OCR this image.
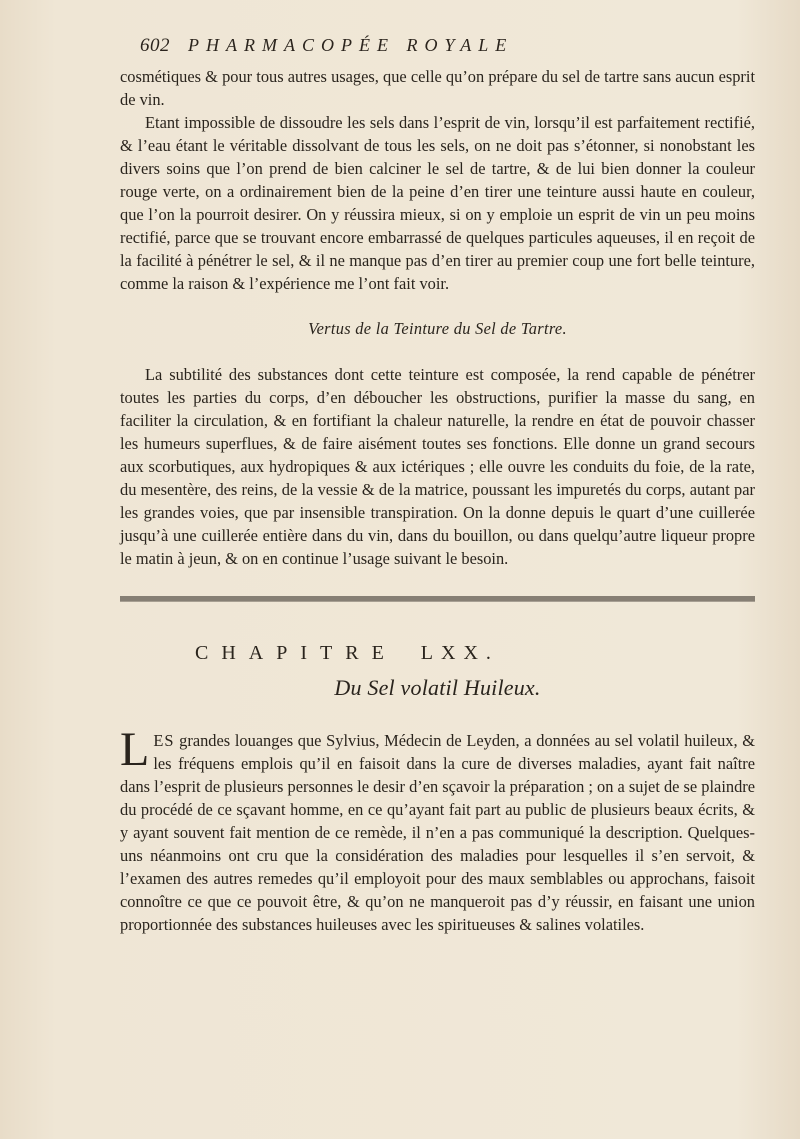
602 PHARMACOPÉE ROYALE

cosmétiques & pour tous autres usages, que celle qu’on prépare du sel de tartre sans aucun esprit de vin.

Etant impossible de dissoudre les sels dans l’esprit de vin, lorsqu’il est parfaitement rectifié, & l’eau étant le véritable dissolvant de tous les sels, on ne doit pas s’étonner, si nonobstant les divers soins que l’on prend de bien calciner le sel de tartre, & de lui bien donner la couleur rouge verte, on a ordinairement bien de la peine d’en tirer une teinture aussi haute en couleur, que l’on la pourroit desirer. On y réussira mieux, si on y emploie un esprit de vin un peu moins rectifié, parce que se trouvant encore embarrassé de quelques particules aqueuses, il en reçoit de la facilité à pénétrer le sel, & il ne manque pas d’en tirer au premier coup une fort belle teinture, comme la raison & l’expérience me l’ont fait voir.

Vertus de la Teinture du Sel de Tartre.

La subtilité des substances dont cette teinture est composée, la rend capable de pénétrer toutes les parties du corps, d’en déboucher les obstructions, purifier la masse du sang, en faciliter la circulation, & en fortifiant la chaleur naturelle, la rendre en état de pouvoir chasser les humeurs superflues, & de faire aisément toutes ses fonctions. Elle donne un grand secours aux scorbutiques, aux hydropiques & aux ictériques ; elle ouvre les conduits du foie, de la rate, du mesentère, des reins, de la vessie & de la matrice, poussant les impuretés du corps, autant par les grandes voies, que par insensible transpiration. On la donne depuis le quart d’une cuillerée jusqu’à une cuillerée entière dans du vin, dans du bouillon, ou dans quelqu’autre liqueur propre le matin à jeun, & on en continue l’usage suivant le besoin.

CHAPITRE LXX.
Du Sel volatil Huileux.

LES grandes louanges que Sylvius, Médecin de Leyden, a données au sel volatil huileux, & les fréquens emplois qu’il en faisoit dans la cure de diverses maladies, ayant fait naître dans l’esprit de plusieurs personnes le desir d’en sçavoir la préparation ; on a sujet de se plaindre du procédé de ce sçavant homme, en ce qu’ayant fait part au public de plusieurs beaux écrits, & y ayant souvent fait mention de ce remède, il n’en a pas communiqué la description. Quelques-uns néanmoins ont cru que la considération des maladies pour lesquelles il s’en servoit, & l’examen des autres remedes qu’il employoit pour des maux semblables ou approchans, faisoit connoître ce que ce pouvoit être, & qu’on ne manqueroit pas d’y réussir, en faisant une union proportionnée des substances huileuses avec les spiritueuses & salines volatiles.
